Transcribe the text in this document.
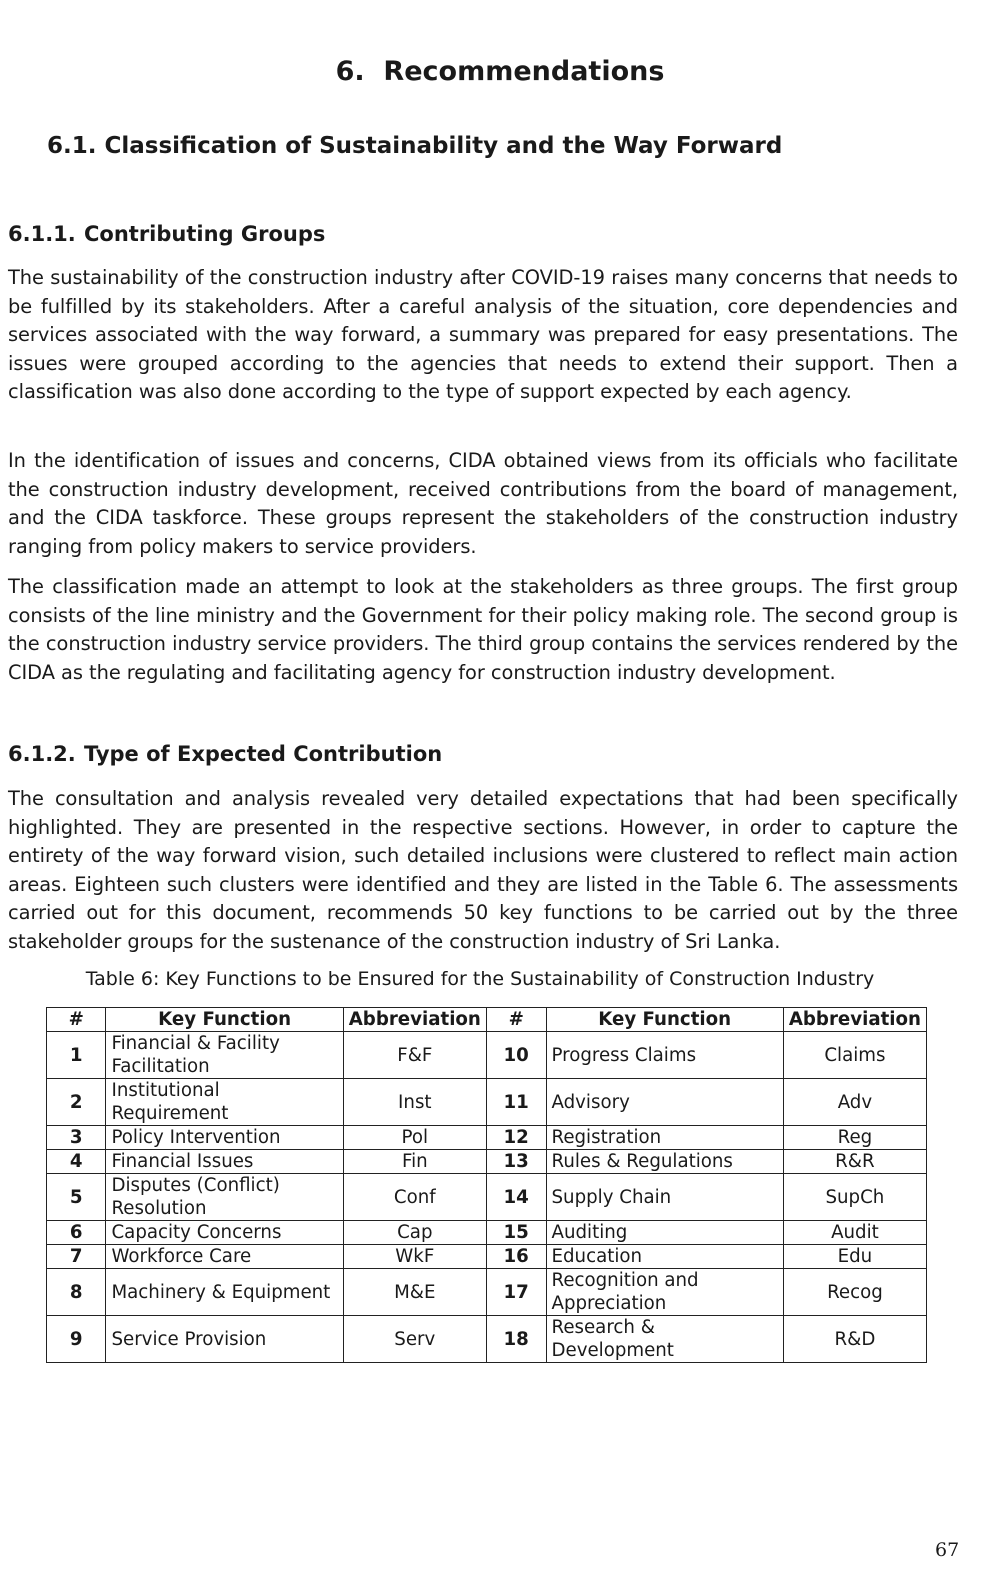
6.  Recommendations
6.1. Classification of Sustainability and the Way Forward
6.1.1. Contributing Groups

The sustainability of the construction industry after COVID-19 raises many concerns that needs to be fulfilled by its stakeholders. After a careful analysis of the situation, core dependencies and services associated with the way forward, a summary was prepared for easy presentations. The issues were grouped according to the agencies that needs to extend their support. Then a classification was also done according to the type of support expected by each agency.

In the identification of issues and concerns, CIDA obtained views from its officials who facilitate the construction industry development, received contributions from the board of management, and the CIDA taskforce. These groups represent the stakeholders of the construction industry ranging from policy makers to service providers.

The classification made an attempt to look at the stakeholders as three groups. The first group consists of the line ministry and the Government for their policy making role. The second group is the construction industry service providers. The third group contains the services rendered by the CIDA as the regulating and facilitating agency for construction industry development.

6.1.2. Type of Expected Contribution

The consultation and analysis revealed very detailed expectations that had been specifically highlighted. They are presented in the respective sections. However, in order to capture the entirety of the way forward vision, such detailed inclusions were clustered to reflect main action areas. Eighteen such clusters were identified and they are listed in the Table 6. The assessments carried out for this document, recommends 50 key functions to be carried out by the three stakeholder groups for the sustenance of the construction industry of Sri Lanka.

Table 6: Key Functions to be Ensured for the Sustainability of Construction Industry
#	Key Function	Abbreviation	#	Key Function	Abbreviation
1	Financial & Facility Facilitation	F&F	10	Progress Claims	Claims
2	Institutional Requirement	Inst	11	Advisory	Adv
3	Policy Intervention	Pol	12	Registration	Reg
4	Financial Issues	Fin	13	Rules & Regulations	R&R
5	Disputes (Conflict) Resolution	Conf	14	Supply Chain	SupCh
6	Capacity Concerns	Cap	15	Auditing	Audit
7	Workforce Care	WkF	16	Education	Edu
8	Machinery & Equipment	M&E	17	Recognition and Appreciation	Recog
9	Service Provision	Serv	18	Research & Development	R&D
67
